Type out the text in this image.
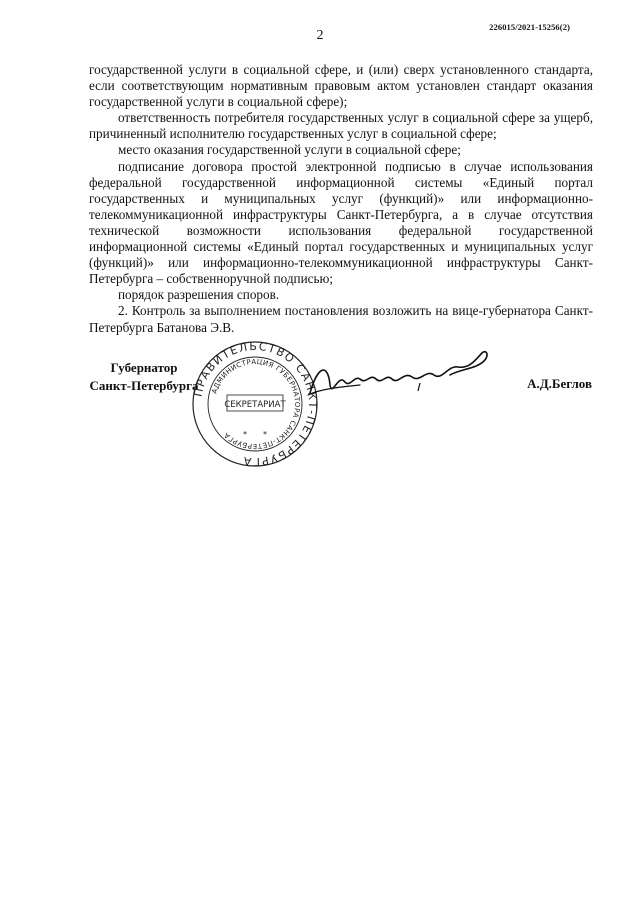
2
226015/2021-15256(2)

государственной услуги в социальной сфере, и (или) сверх установленного стандарта, если соответствующим нормативным правовым актом установлен стандарт оказания государственной услуги в социальной сфере);

ответственность потребителя государственных услуг в социальной сфере за ущерб, причиненный исполнителю государственных услуг в социальной сфере;

место оказания государственной услуги в социальной сфере;

подписание договора простой электронной подписью в случае использования федеральной государственной информационной системы «Единый портал государственных и муниципальных услуг (функций)» или информационно-телекоммуникационной инфраструктуры Санкт-Петербурга, а в случае отсутствия технической возможности использования федеральной государственной информационной системы «Единый портал государственных и муниципальных услуг (функций)» или информационно-телекоммуникационной инфраструктуры Санкт-Петербурга – собственноручной подписью;

порядок разрешения споров.

2. Контроль за выполнением постановления возложить на вице-губернатора Санкт-Петербурга Батанова Э.В.

Губернатор
Санкт-Петербурга
ПРАВИТЕЛЬСТВО САНКТ-ПЕТЕРБУРГА
АДМИНИСТРАЦИЯ ГУБЕРНАТОРА САНКТ-ПЕТЕРБУРГА
СЕКРЕТАРИАТ
* *
А.Д.Беглов
